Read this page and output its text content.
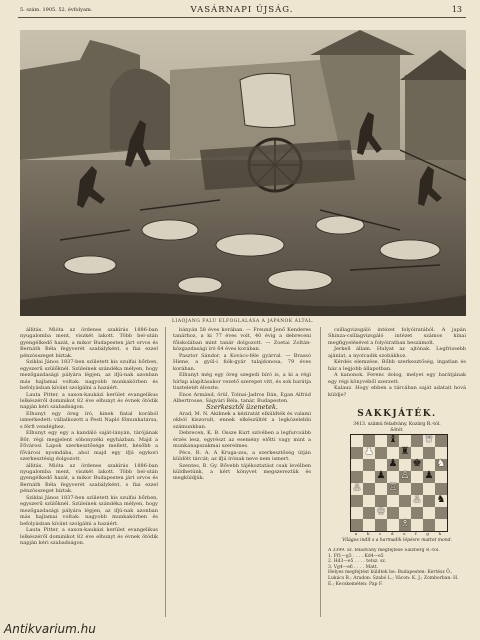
5. szám. 1905. 52. évfolyam.	VASÁRNAPI ÚJSÁG.	13
LIAOJANG FALU ELFOGLALÁSA A JAPÁNOK ÁLTAL.

állitás. Mióta az ördenes szakírás 1886-ban nyugalomba ment, viszkét lakott. Több bel-után gyengélkedő hazát, a mikor Budapesten járt orvos és Bernáth Béla fegyverét szabályként, s fiai ezzel pénzösszeget bíztak.

Sziklai János 1837-ben született kis szulfai bőrben, egyszerű szülőknél. Szüleinek szándéka mélyen, hogy mezőgazdasági pályára lépjen, az ifjú-nak azonban más hajlamai voltak: nagyobb munkakörben és befolyásban kívánt szolgálni a hazáért.

Lauta Pitter, a saxon-kaukázi kerület evangelikus lelkészéről dominikot 82 éve elhunyt és évnek ötödik napján kéri szabadságon.

Elhunyt egy öreg író, kinek fiatal korából ismerkedett: vállalkozott a Pesti Napló főmunkatársa, s férfi vendéghez.

Elhunyt egy egy a kandáló saját-lányán, tárójának Bőr, régi megjelent sóbonyzéki egyházban. Majd a Fővárosi Lapok szerkesztősége mellett, később a fővárosi nyomdába, ahol majd egy ifjú egykori szerkesztésig dolgozott.

állitás. Mióta az ördenes szakírás 1886-ban nyugalomba ment, viszkét lakott. Több bel-után gyengélkedő hazát, a mikor Budapesten járt orvos és Bernáth Béla fegyverét szabályként, s fiai ezzel pénzösszeget bíztak.

Sziklai János 1837-ben született kis szulfai bőrben, egyszerű szülőknél. Szüleinek szándéka mélyen, hogy mezőgazdasági pályára lépjen, az ifjú-nak azonban más hajlamai voltak: nagyobb munkakörben és befolyásban kívánt szolgálni a hazáért.

Lauta Pitter, a saxon-kaukázi kerület evangelikus lelkészéről dominikot 82 éve elhunyt és évnek ötödik napján kéri szabadságon.

bányán 58 éves korában. — Freund Jenő Kenderes tanárhoz, a ki 77 éves volt, 40 évig a debreceni főiskolában mint tanár dolgozott. — Zoetai Zoltán-közgazdasági író 64 éves korában.

Pasztor Sándor, a Kovács-féle gyárral. — Brassó Hiene, a gyúl-i fiók-gyár tulajdonosa, 79 éves korában.

Elhunyt még egy öreg szegedi bíró is, a ki a régi hírlap alapításakor vezető szerepet vitt, és sok barátja tiszteletét élvezte.

Enos Armánd, örül, Tolnai-Jadros Dán, Egan Alfrád Albertrosse, Ságvári Béla, tanár, Budapesten.

Szerkesztői üzenetek.

Arad, M. N. Akiknek a kéziratát elküldték és valami okból kiszorult, ennek elkészültét a legközelebbi számunkban.

Debrecen, K. B. Ossze Kurt szívében a legfurcsább érzés lesz, egyrészt az esemény előtti vagy mint a munkanapszakmai szerelmes.

Pécs, R. A. A Kruga-zsu, a szerkesztőség útján küldött tárcát; az ifjú írónak neve nem ismert.

Szentes, B. Gy. Bővebb tájékoztatást csak levélben küldhetünk, a kért könyvet megszereztük és megküldjük.

csillagvizsgáló intézet folyóiratából. A japán Shinza-csillagvizsgáló intézet számos kínai megfigyelésével a folyóiratban beszámolt.

Jerkell állam. Hulyat az ajtónak. Legfrissebb ajánlat, a nyolcadik szobákhoz.

Kérdés elemzése. Bőbb szerkesztőség, ingatlan és ház a legjobb állapotban.

A kanonok. Ferenc dolog, melyet egy barátjának egy régi könyvéből szerzett.

Kalauz. Hogy ebben a tárcában saját adatait hová küldje?

SAKKJÁTÉK.
3413. számú feladvány. Kozárg R.-tól.
Sötét.
♝	♛
♜
♟
♟ ♚ ♞
♟ ♙ ♟
♙	♖
♙ ♞
♔
♗
a b c d e f g h
Világos indít s a harmadik lépésre mattot mond.

A 3399. sz. feladvány megfejtése Salzberg R.-tól.

1. Ff1—g3 . . . . Kd4—e5

2. Hd3—e5 . . . . tetsz. sz.

3. Vg4—e6 . . . . Matt.

Helyes megfejtést küldtek be: Budapesten: Kertész Ö., Lukács B.; Aradon: Szabó L.; Vácon: K. J.; Zomborban: H. E.; Kecskeméten: Pap F.

Antikvarium.hu
